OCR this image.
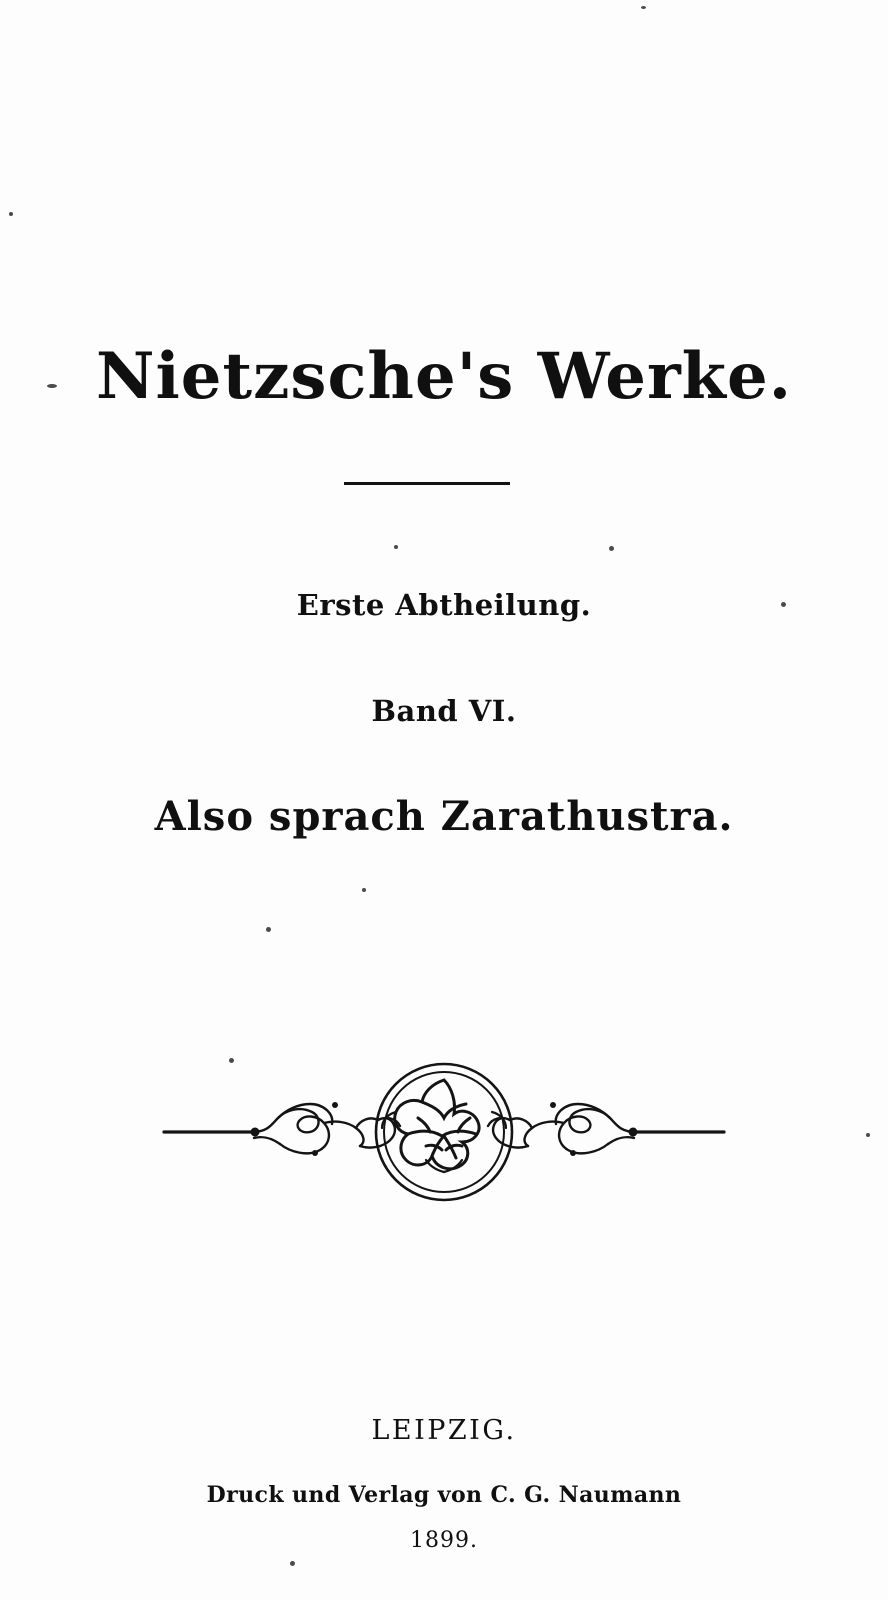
Nietzsche's Werke.
Erste Abtheilung.
Band VI.
Also sprach Zarathustra.
LEIPZIG.
Druck und Verlag von C. G. Naumann
1899.
